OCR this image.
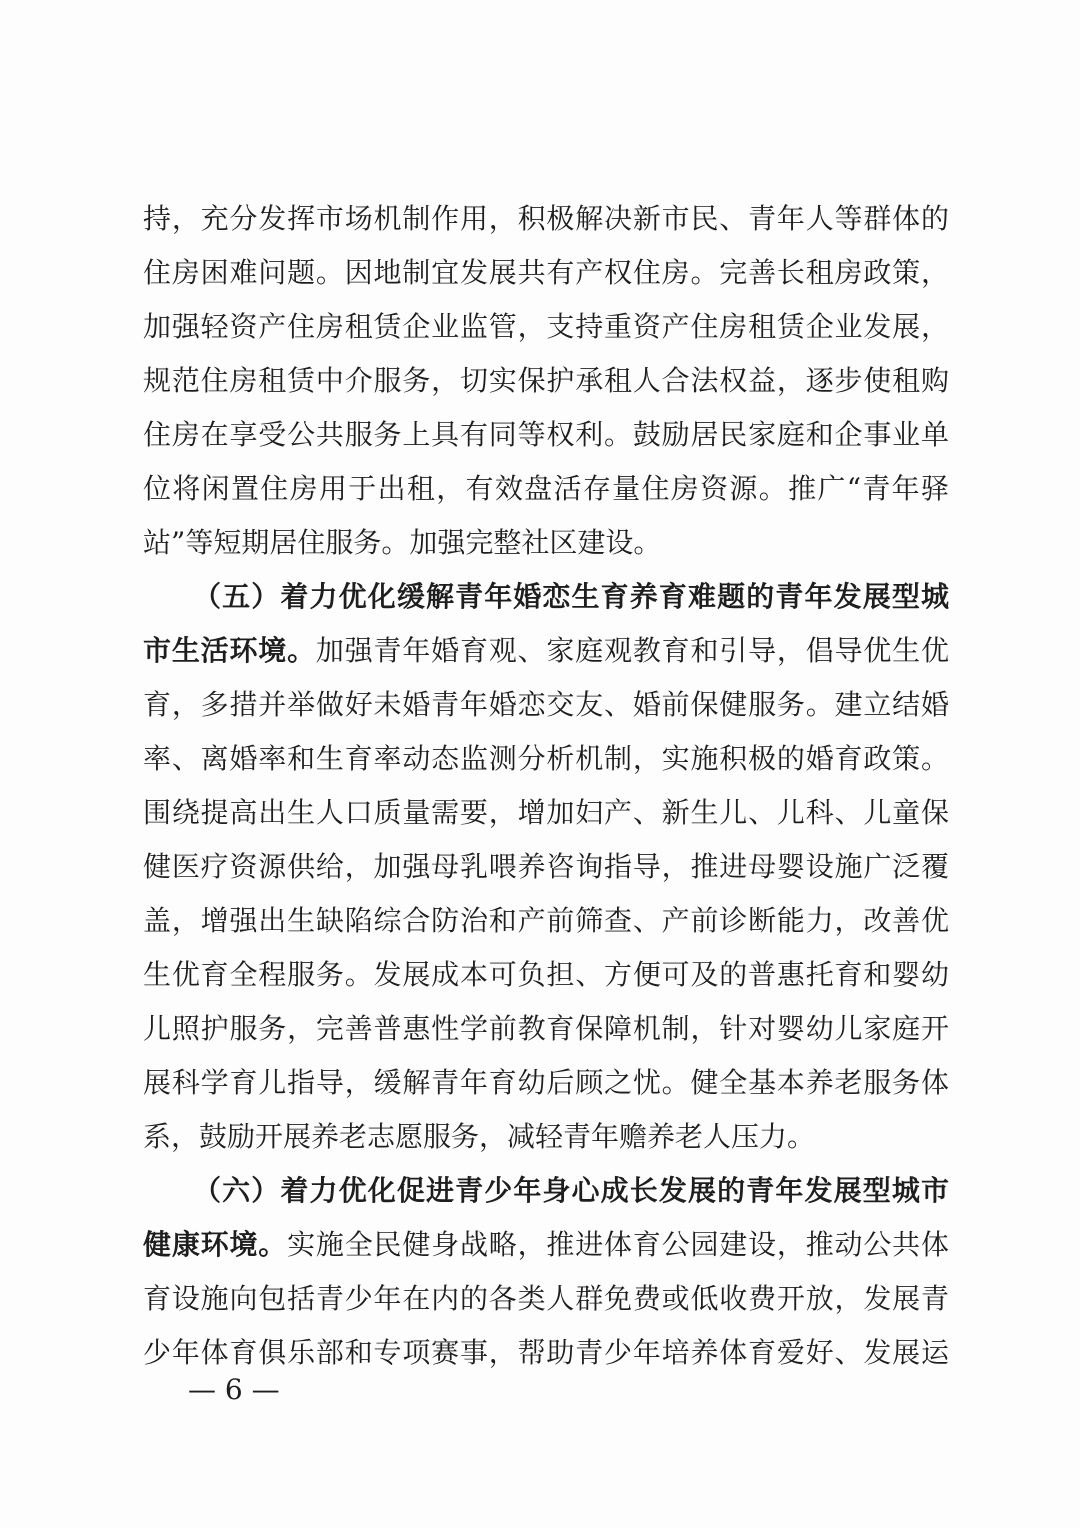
持，充分发挥市场机制作用，积极解决新市民、青年人等群体的
住房困难问题。因地制宜发展共有产权住房。完善长租房政策，
加强轻资产住房租赁企业监管，支持重资产住房租赁企业发展，
规范住房租赁中介服务，切实保护承租人合法权益，逐步使租购
住房在享受公共服务上具有同等权利。鼓励居民家庭和企事业单
位将闲置住房用于出租，有效盘活存量住房资源。推广“青年驿
站”等短期居住服务。加强完整社区建设。
（五）着力优化缓解青年婚恋生育养育难题的青年发展型城
市生活环境。加强青年婚育观、家庭观教育和引导，倡导优生优
育，多措并举做好未婚青年婚恋交友、婚前保健服务。建立结婚
率、离婚率和生育率动态监测分析机制，实施积极的婚育政策。
围绕提高出生人口质量需要，增加妇产、新生儿、儿科、儿童保
健医疗资源供给，加强母乳喂养咨询指导，推进母婴设施广泛覆
盖，增强出生缺陷综合防治和产前筛查、产前诊断能力，改善优
生优育全程服务。发展成本可负担、方便可及的普惠托育和婴幼
儿照护服务，完善普惠性学前教育保障机制，针对婴幼儿家庭开
展科学育儿指导，缓解青年育幼后顾之忧。健全基本养老服务体
系，鼓励开展养老志愿服务，减轻青年赡养老人压力。
（六）着力优化促进青少年身心成长发展的青年发展型城市
健康环境。实施全民健身战略，推进体育公园建设，推动公共体
育设施向包括青少年在内的各类人群免费或低收费开放，发展青
少年体育俱乐部和专项赛事，帮助青少年培养体育爱好、发展运
— 6 —
